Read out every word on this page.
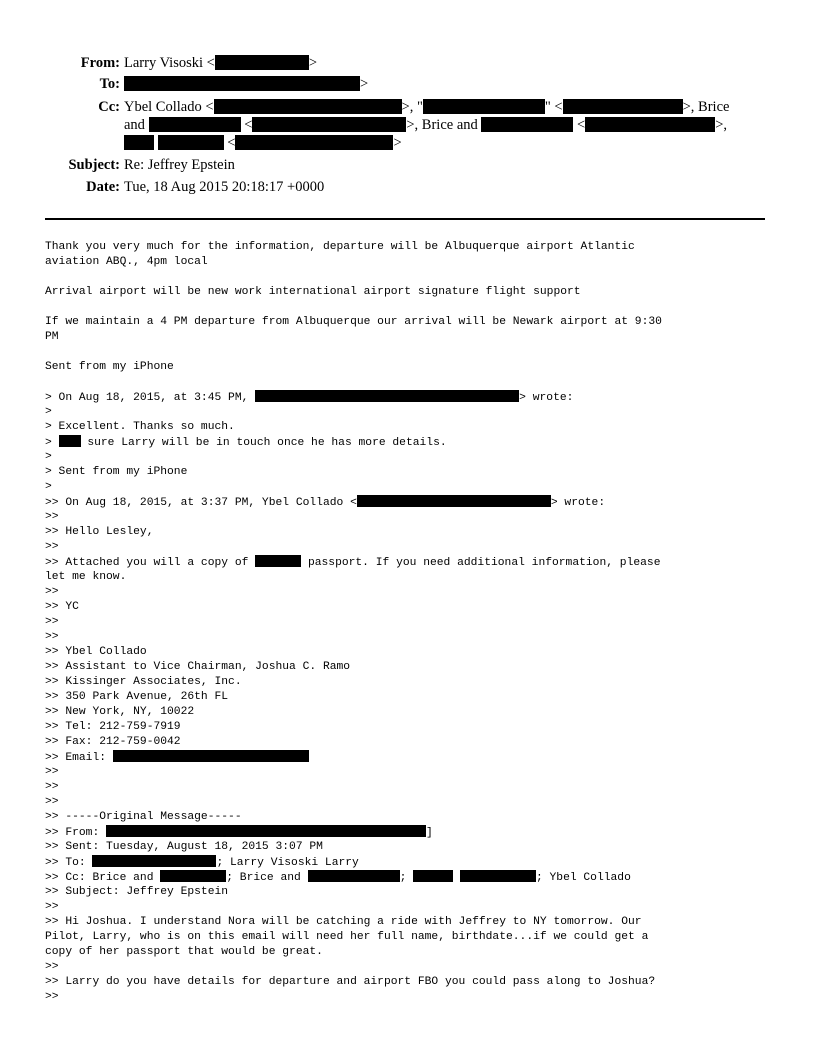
From: Larry Visoski <	>
To:	>
Cc: Ybel Collado <	>, "	" <	>, Brice
and	<	>, Brice and	<	>,
<	>
Subject: Re: Jeffrey Epstein
Date: Tue, 18 Aug 2015 20:18:17 +0000
Thank you very much for the information, departure will be Albuquerque airport Atlantic
aviation ABQ., 4pm local
Arrival airport will be new work international airport signature flight support
If we maintain a 4 PM departure from Albuquerque our arrival will be Newark airport at 9:30
PM
Sent from my iPhone
> On Aug 18, 2015, at 3:45 PM,	> wrote:
>
> Excellent. Thanks so much.
>  sure Larry will be in touch once he has more details.
>
> Sent from my iPhone
>
>> On Aug 18, 2015, at 3:37 PM, Ybel Collado <	> wrote:
>>
>> Hello Lesley,
>>
>> Attached you will a copy of	passport. If you need additional information, please
let me know.
>>
>> YC
>>
>>
>> Ybel Collado
>> Assistant to Vice Chairman, Joshua C. Ramo
>> Kissinger Associates, Inc.
>> 350 Park Avenue, 26th FL
>> New York, NY, 10022
>> Tel: 212-759-7919
>> Fax: 212-759-0042
>> Email:
>>
>>
>>
>> -----Original Message-----
>> From:	]
>> Sent: Tuesday, August 18, 2015 3:07 PM
>> To:	; Larry Visoski Larry
>> Cc: Brice and	; Brice and	;	; Ybel Collado
>> Subject: Jeffrey Epstein
>>
>> Hi Joshua. I understand Nora will be catching a ride with Jeffrey to NY tomorrow. Our
Pilot, Larry, who is on this email will need her full name, birthdate...if we could get a
copy of her passport that would be great.
>>
>> Larry do you have details for departure and airport FBO you could pass along to Joshua?
>>
